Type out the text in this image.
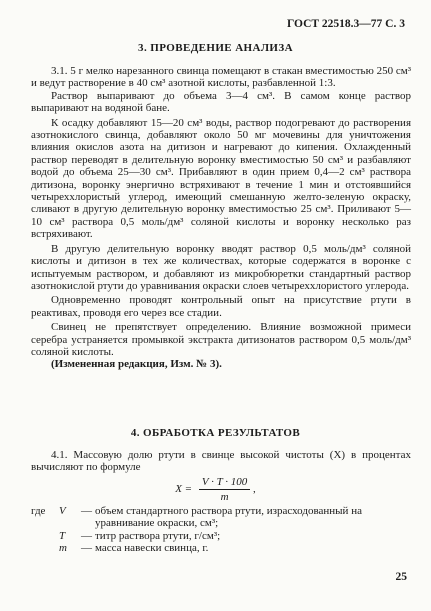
ГОСТ 22518.3—77 С. 3
3. ПРОВЕДЕНИЕ АНАЛИЗА

3.1. 5 г мелко нарезанного свинца помещают в стакан вместимостью 250 см³ и ведут растворение в 40 см³ азотной кислоты, разбавленной 1:3.

Раствор выпаривают до объема 3—4 см³. В самом конце раствор выпаривают на водяной бане.

К осадку добавляют 15—20 см³ воды, раствор подогревают до растворения азотнокислого свинца, добавляют около 50 мг мочевины для уничтожения влияния окислов азота на дитизон и нагревают до кипения. Охлажденный раствор переводят в делительную воронку вместимостью 50 см³ и разбавляют водой до объема 25—30 см³. Прибавляют в один прием 0,4—2 см³ раствора дитизона, воронку энергично встряхивают в течение 1 мин и отстоявшийся четыреххлористый углерод, имеющий смешанную желто-зеленую окраску, сливают в другую делительную воронку вместимостью 25 см³. Приливают 5—10 см³ раствора 0,5 моль/дм³ соляной кислоты и воронку несколько раз встряхивают.

В другую делительную воронку вводят раствор 0,5 моль/дм³ соляной кислоты и дитизон в тех же количествах, которые содержатся в воронке с испытуемым раствором, и добавляют из микробюретки стандартный раствор азотнокислой ртути до уравнивания окраски слоев четыреххлористого углерода.

Одновременно проводят контрольный опыт на присутствие ртути в реактивах, проводя его через все стадии.

Свинец не препятствует определению. Влияние возможной примеси серебра устраняется промывкой экстракта дитизонатов раствором 0,5 моль/дм³ соляной кислоты.

(Измененная редакция, Изм. № 3).

4. ОБРАБОТКА РЕЗУЛЬТАТОВ

4.1. Массовую долю ртути в свинце высокой чистоты (X) в процентах вычисляют по формуле

$X = \frac{V \cdot T \cdot 100}{m}$ ,
где	V	—	объем стандартного раствора ртути, израсходованный на уравнивание окраски, см³;
	T	—	титр раствора ртути, г/см³;
	m	—	масса навески свинца, г.
25
